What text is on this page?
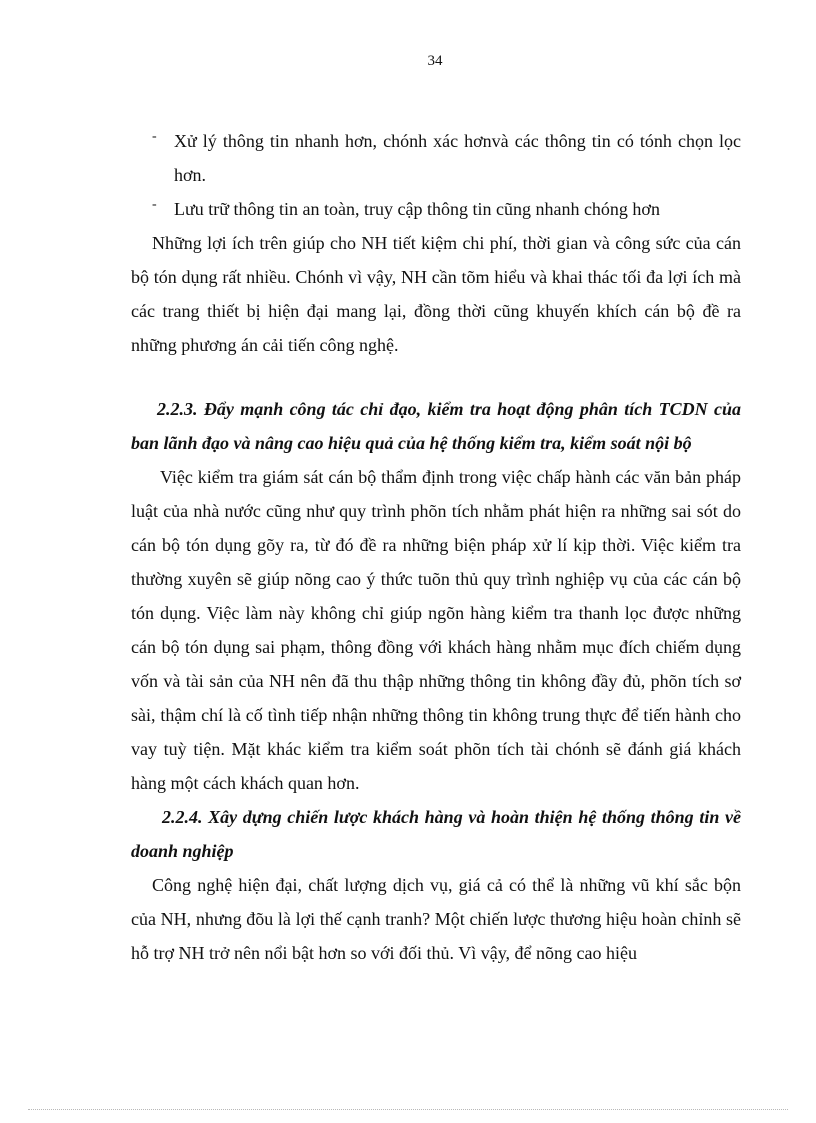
34
- Xử lý thông tin nhanh hơn, chónh xác hơnvà các thông tin có tónh chọn lọc hơn.
- Lưu trữ thông tin an toàn, truy cập thông tin cũng nhanh chóng hơn

Những lợi ích trên giúp cho NH tiết kiệm chi phí, thời gian và công sức của cán bộ tón dụng rất nhiều. Chónh vì vậy, NH cần tõm hiểu và khai thác tối đa lợi ích mà các trang thiết bị hiện đại mang lại, đồng thời cũng khuyến khích cán bộ đề ra những phương án cải tiến công nghệ.

2.2.3. Đẩy mạnh công tác chỉ đạo, kiểm tra hoạt động phân tích TCDN của ban lãnh đạo và nâng cao hiệu quả của hệ thống kiểm tra, kiểm soát nội bộ

Việc kiểm tra giám sát cán bộ thẩm định trong việc chấp hành các văn bản pháp luật của nhà nước cũng như quy trình phõn tích nhằm phát hiện ra những sai sót do cán bộ tón dụng gõy ra, từ đó đề ra những biện pháp xử lí kịp thời. Việc kiểm tra thường xuyên sẽ giúp nõng cao ý thức tuõn thủ quy trình nghiệp vụ của các cán bộ tón dụng. Việc làm này không chỉ giúp ngõn hàng kiểm tra thanh lọc được những cán bộ tón dụng sai phạm, thông đồng với khách hàng nhằm mục đích chiếm dụng vốn và tài sản của NH nên đã thu thập những thông tin không đầy đủ, phõn tích sơ sài, thậm chí là cố tình tiếp nhận những thông tin không trung thực để tiến hành cho vay tuỳ tiện. Mặt khác kiểm tra kiểm soát phõn tích tài chónh sẽ đánh giá khách hàng một cách khách quan hơn.

2.2.4. Xây dựng chiến lược khách hàng và hoàn thiện hệ thống thông tin về doanh nghiệp

Công nghệ hiện đại, chất lượng dịch vụ, giá cả có thể là những vũ khí sắc bộn của NH, nhưng đõu là lợi thế cạnh tranh? Một chiến lược thương hiệu hoàn chỉnh sẽ hỗ trợ NH trở nên nổi bật hơn so với đối thủ. Vì vậy, để nõng cao hiệu
